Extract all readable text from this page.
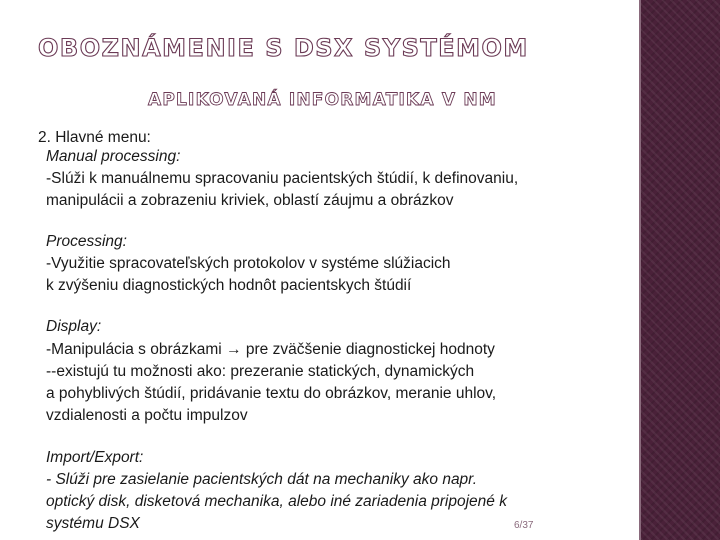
OBOZNÁMENIE S DSX SYSTÉMOM
APLIKOVANÁ INFORMATIKA V NM
2. Hlavné menu:
Manual processing:
-Slúži k manuálnemu spracovaniu pacientských štúdií, k definovaniu,
manipulácii a zobrazeniu kriviek, oblastí záujmu a obrázkov
Processing:
-Využitie spracovateľských protokolov v systéme slúžiacich
k zvýšeniu diagnostických hodnôt pacientskych štúdií
Display:
-Manipulácia s obrázkami → pre zväčšenie diagnostickej hodnoty
--existujú tu možnosti ako: prezeranie statických, dynamických
a pohyblivých štúdií, pridávanie textu do obrázkov, meranie uhlov,
vzdialenosti a počtu impulzov
Import/Export:
- Slúži pre zasielanie pacientských dát na mechaniky ako napr.
optický disk, disketová mechanika, alebo iné zariadenia pripojené k
systému DSX	6/37
